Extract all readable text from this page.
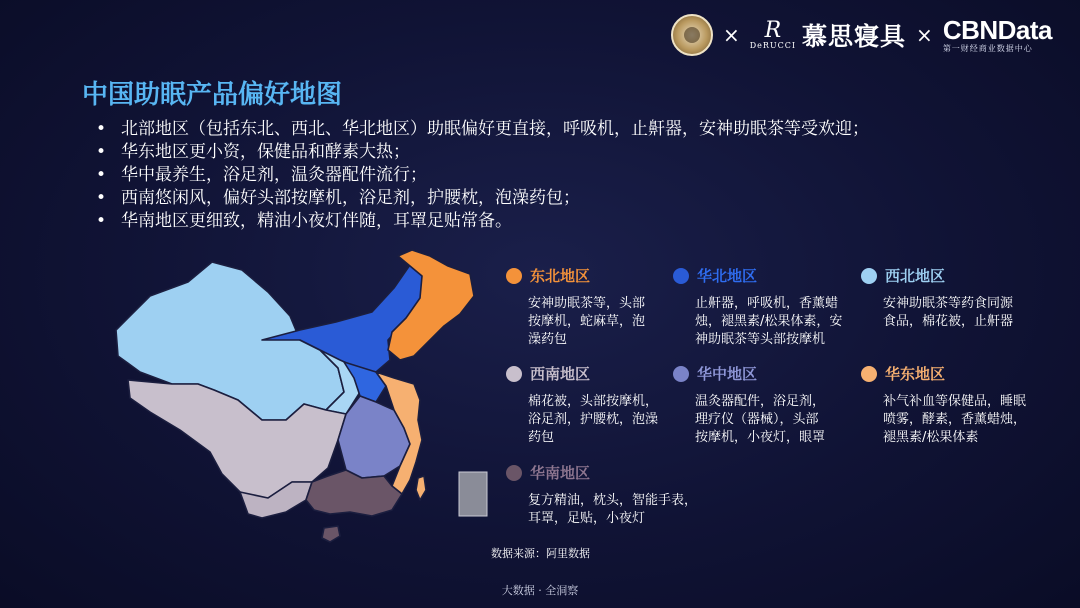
× R
DeRUCCI 慕思寝具 × CBNData
第一财经商业数据中心
中国助眠产品偏好地图
• 北部地区（包括东北、西北、华北地区）助眠偏好更直接，呼吸机，止鼾器，安神助眠茶等受欢迎；
• 华东地区更小资，保健品和酵素大热；
• 华中最养生，浴足剂，温灸器配件流行；
• 西南悠闲风，偏好头部按摩机，浴足剂，护腰枕，泡澡药包；
• 华南地区更细致，精油小夜灯伴随，耳罩足贴常备。
东北地区
安神助眠茶等，头部
按摩机，蛇麻草，泡
澡药包
华北地区
止鼾器，呼吸机，香薰蜡
烛，褪黑素/松果体素，安
神助眠茶等头部按摩机
西北地区
安神助眠茶等药食同源
食品，棉花被，止鼾器
西南地区
棉花被，头部按摩机，
浴足剂，护腰枕，泡澡
药包
华中地区
温灸器配件，浴足剂，
理疗仪（器械），头部
按摩机，小夜灯，眼罩
华东地区
补气补血等保健品，睡眠
喷雾，酵素，香薰蜡烛，
褪黑素/松果体素
华南地区
复方精油，枕头，智能手表，
耳罩，足贴，小夜灯
数据来源：阿里数据
大数据 · 全洞察
